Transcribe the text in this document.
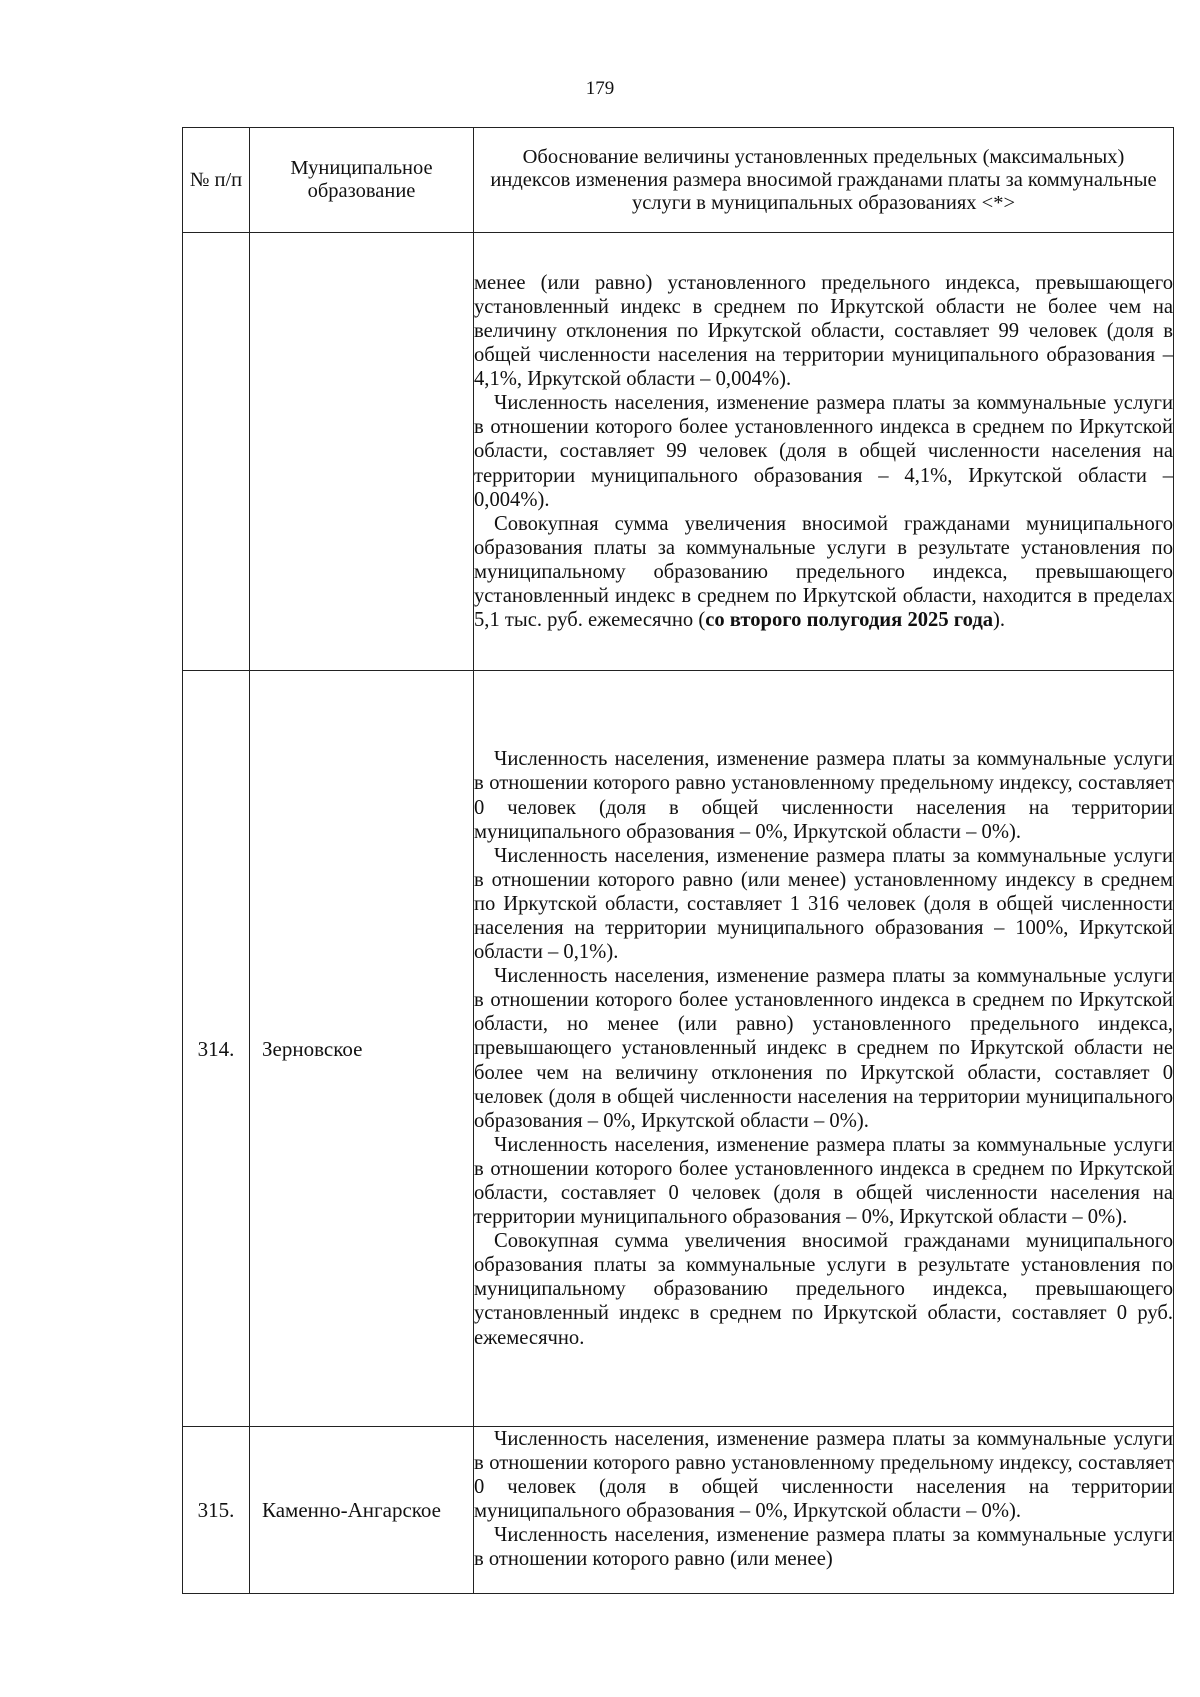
179
№ п/п	Муниципальное образование	Обоснование величины установленных предельных (максимальных) индексов изменения размера вносимой гражданами платы за коммунальные услуги в муниципальных образованиях <*>

		менее (или равно) установленного предельного индекса, превышающего установленный индекс в среднем по Иркутской области не более чем на величину отклонения по Иркутской области, составляет 99 человек (доля в общей численности населения на территории муниципального образования – 4,1%, Иркутской области – 0,004%).

Численность населения, изменение размера платы за коммунальные услуги в отношении которого более установленного индекса в среднем по Иркутской области, составляет 99 человек (доля в общей численности населения на территории муниципального образования – 4,1%, Иркутской области – 0,004%).

Совокупная сумма увеличения вносимой гражданами муниципального образования платы за коммунальные услуги в результате установления по муниципальному образованию предельного индекса, превышающего установленный индекс в среднем по Иркутской области, находится в пределах 5,1 тыс. руб. ежемесячно (со второго полугодия 2025 года).

314.	Зерновское	Численность населения, изменение размера платы за коммунальные услуги в отношении которого равно установленному предельному индексу, составляет 0 человек (доля в общей численности населения на территории муниципального образования – 0%, Иркутской области – 0%).

Численность населения, изменение размера платы за коммунальные услуги в отношении которого равно (или менее) установленному индексу в среднем по Иркутской области, составляет 1 316 человек (доля в общей численности населения на территории муниципального образования – 100%, Иркутской области – 0,1%).

Численность населения, изменение размера платы за коммунальные услуги в отношении которого более установленного индекса в среднем по Иркутской области, но менее (или равно) установленного предельного индекса, превышающего установленный индекс в среднем по Иркутской области не более чем на величину отклонения по Иркутской области, составляет 0 человек (доля в общей численности населения на территории муниципального образования – 0%, Иркутской области – 0%).

Численность населения, изменение размера платы за коммунальные услуги в отношении которого более установленного индекса в среднем по Иркутской области, составляет 0 человек (доля в общей численности населения на территории муниципального образования – 0%, Иркутской области – 0%).

Совокупная сумма увеличения вносимой гражданами муниципального образования платы за коммунальные услуги в результате установления по муниципальному образованию предельного индекса, превышающего установленный индекс в среднем по Иркутской области, составляет 0 руб. ежемесячно.

315.	Каменно-Ангарское	Численность населения, изменение размера платы за коммунальные услуги в отношении которого равно установленному предельному индексу, составляет 0 человек (доля в общей численности населения на территории муниципального образования – 0%, Иркутской области – 0%).

Численность населения, изменение размера платы за коммунальные услуги в отношении которого равно (или менее)
